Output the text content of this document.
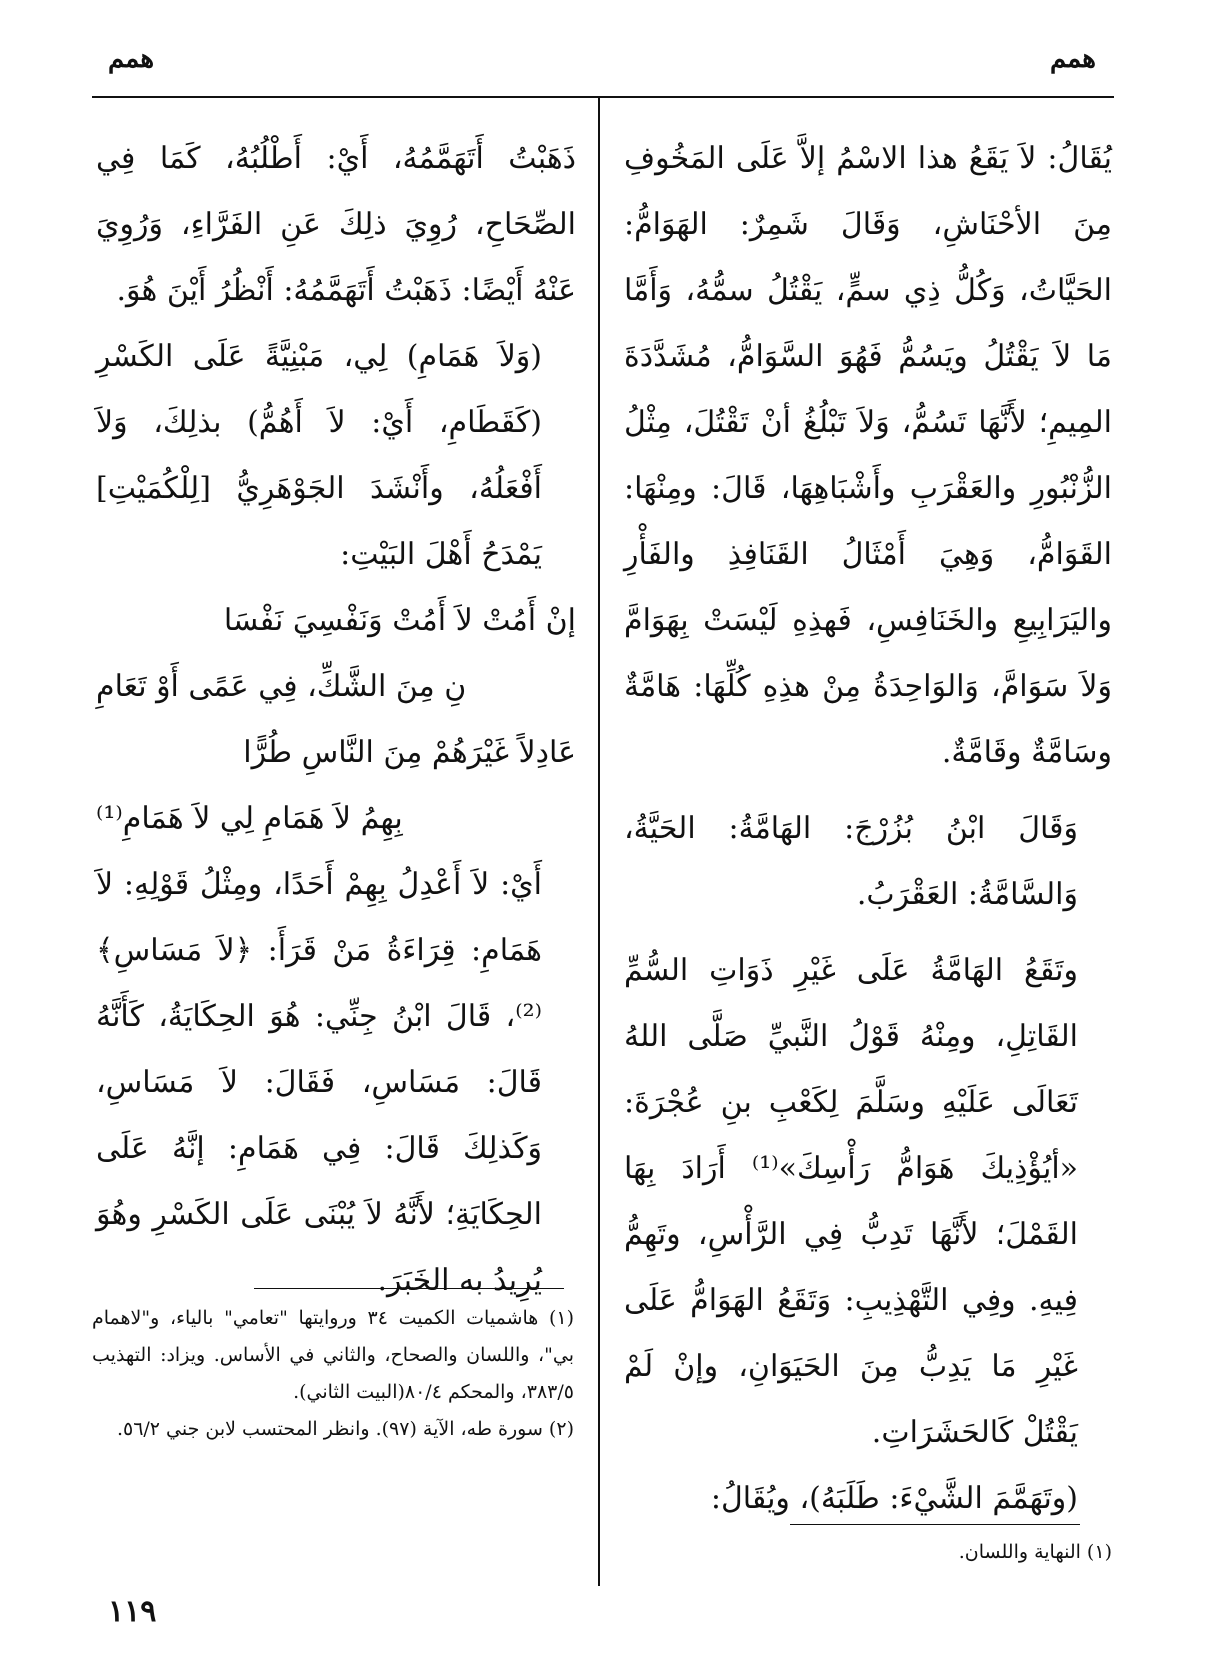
همم
همم

يُقَالُ: لاَ يَقَعُ هذا الاسْمُ إلاَّ عَلَى المَخُوفِ مِنَ الأحْنَاشِ، وَقَالَ شَمِرٌ: الهَوَامُّ: الحَيَّاتُ، وَكُلُّ ذِي سمٍّ، يَقْتُلُ سمُّهُ، وَأَمَّا مَا لاَ يَقْتُلُ ويَسُمُّ فَهُوَ السَّوَامُّ، مُشَدَّدَةَ المِيمِ؛ لأَنَّهَا تَسُمُّ، وَلاَ تَبْلُغُ أنْ تَقْتُلَ، مِثْلُ الزُّنْبُورِ والعَقْرَبِ وأَشْبَاهِهَا، قَالَ: ومِنْهَا: القَوَامُّ، وَهِيَ أَمْثَالُ القَنَافِذِ والفَأْرِ واليَرَابِيعِ والخَنَافِسِ، فَهذِهِ لَيْسَتْ بِهَوَامَّ وَلاَ سَوَامَّ، وَالوَاحِدَةُ مِنْ هذِهِ كُلِّهَا: هَامَّةٌ وسَامَّةٌ وقَامَّةٌ.

وَقَالَ ابْنُ بُزُرْجَ: الهَامَّةُ: الحَيَّةُ، وَالسَّامَّةُ: العَقْرَبُ.

وتَقَعُ الهَامَّةُ عَلَى غَيْرِ ذَوَاتِ السُّمِّ القَاتِلِ، ومِنْهُ قَوْلُ النَّبيِّ صَلَّى اللهُ تَعَالَى عَلَيْهِ وسَلَّمَ لِكَعْبِ بنِ عُجْرَةَ: «أيُؤْذِيكَ هَوَامُّ رَأْسِكَ»⁽¹⁾ أَرَادَ بِهَا القَمْلَ؛ لأَنَّهَا تَدِبُّ فِي الرَّأْسِ، وتَهِمُّ فِيهِ. وفِي التَّهْذِيبِ: وَتَقَعُ الهَوَامُّ عَلَى غَيْرِ مَا يَدِبُّ مِنَ الحَيَوَانِ، وإنْ لَمْ يَقْتُلْ كَالحَشَرَاتِ.

(وتَهَمَّمَ الشَّيْءَ: طَلَبَهُ)، ويُقَالُ:

ذَهَبْتُ أَتَهَمَّمُهُ، أَيْ: أَطْلُبُهُ، كَمَا فِي الصِّحَاحِ، رُوِيَ ذلِكَ عَنِ الفَرَّاءِ، وَرُوِيَ عَنْهُ أَيْضًا: ذَهَبْتُ أَتَهَمَّمُهُ: أَنْظُرُ أَيْنَ هُوَ.

(وَلاَ هَمَامِ) لِي، مَبْنِيَّةً عَلَى الكَسْرِ (كَقَطَامِ، أَيْ: لاَ أَهُمُّ) بذلِكَ، وَلاَ أَفْعَلُهُ، وأَنْشَدَ الجَوْهَرِيُّ [لِلْكُمَيْتِ] يَمْدَحُ أَهْلَ البَيْتِ:

إنْ أَمُتْ لاَ أَمُتْ وَنَفْسِيَ نَفْسَا

نِ مِنَ الشَّكِّ، فِي عَمًى أَوْ تَعَامِ

عَادِلاً غَيْرَهُمْ مِنَ النَّاسِ طُرًّا

بِهِمُ لاَ هَمَامِ لِي لاَ هَمَامِ⁽¹⁾

أَيْ: لاَ أَعْدِلُ بِهِمْ أَحَدًا، ومِثْلُ قَوْلِهِ: لاَ هَمَامِ: قِرَاءَةُ مَنْ قَرَأَ: ﴿لاَ مَسَاسِ﴾⁽²⁾، قَالَ ابْنُ جِنِّي: هُوَ الحِكَايَةُ، كَأَنَّهُ قَالَ: مَسَاسِ، فَقَالَ: لاَ مَسَاسِ، وَكَذلِكَ قَالَ: فِي هَمَامِ: إنَّهُ عَلَى الحِكَايَةِ؛ لأَنَّهُ لاَ يُبْنَى عَلَى الكَسْرِ وهُوَ يُرِيدُ به الخَبَرَ.

(١) هاشميات الكميت ٣٤ وروايتها "تعامي" بالياء، و"لاهمام بي"، واللسان والصحاح، والثاني في الأساس. ويزاد: التهذيب ٣٨٣/٥، والمحكم ٨٠/٤(البيت الثاني).

(٢) سورة طه، الآية (٩٧). وانظر المحتسب لابن جني ٥٦/٢.

(١) النهاية واللسان.

١١٩
